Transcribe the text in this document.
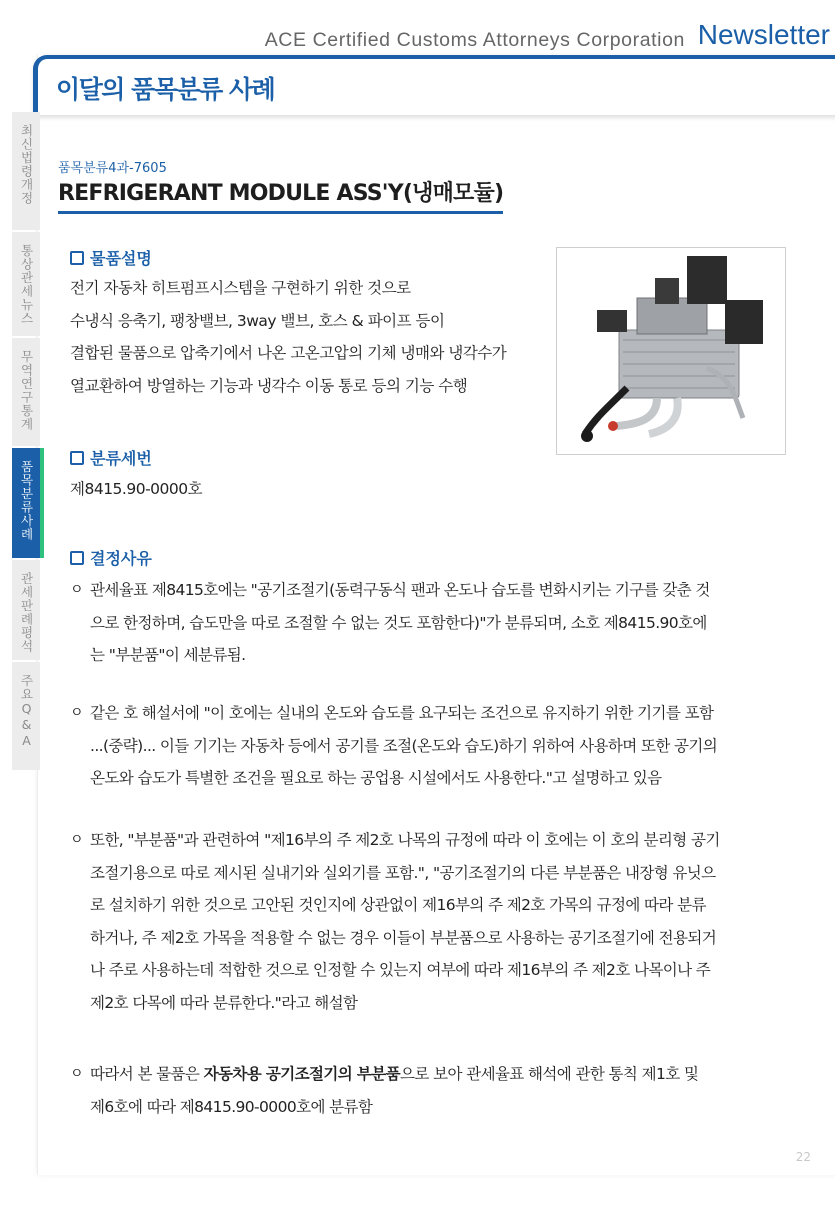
ACE Certified Customs Attorneys Corporation Newsletter
이달의 품목분류 사례
최신법령개정
통상관세뉴스
무역연구통계
품목분류사례
관세판례평석
주요Q&A
품목분류4과-7605
REFRIGERANT MODULE ASS'Y(냉매모듈)
물품설명
전기 자동차 히트펌프시스템을 구현하기 위한 것으로
수냉식 응축기, 팽창밸브, 3way 밸브, 호스 & 파이프 등이
결합된 물품으로 압축기에서 나온 고온고압의 기체 냉매와 냉각수가
열교환하여 방열하는 기능과 냉각수 이동 통로 등의 기능 수행
분류세번
제8415.90-0000호
결정사유
ㅇ 관세율표 제8415호에는 "공기조절기(동력구동식 팬과 온도나 습도를 변화시키는 기구를 갖춘 것
으로 한정하며, 습도만을 따로 조절할 수 없는 것도 포함한다)"가 분류되며, 소호 제8415.90호에
는 "부분품"이 세분류됨.
ㅇ 같은 호 해설서에 "이 호에는 실내의 온도와 습도를 요구되는 조건으로 유지하기 위한 기기를 포함
...(중략)... 이들 기기는 자동차 등에서 공기를 조절(온도와 습도)하기 위하여 사용하며 또한 공기의
온도와 습도가 특별한 조건을 필요로 하는 공업용 시설에서도 사용한다."고 설명하고 있음
ㅇ 또한, "부분품"과 관련하여 "제16부의 주 제2호 나목의 규정에 따라 이 호에는 이 호의 분리형 공기
조절기용으로 따로 제시된 실내기와 실외기를 포함.", "공기조절기의 다른 부분품은 내장형 유닛으
로 설치하기 위한 것으로 고안된 것인지에 상관없이 제16부의 주 제2호 가목의 규정에 따라 분류
하거나, 주 제2호 가목을 적용할 수 없는 경우 이들이 부분품으로 사용하는 공기조절기에 전용되거
나 주로 사용하는데 적합한 것으로 인정할 수 있는지 여부에 따라 제16부의 주 제2호 나목이나 주
제2호 다목에 따라 분류한다."라고 해설함
ㅇ 따라서 본 물품은 자동차용 공기조절기의 부분품으로 보아 관세율표 해석에 관한 통칙 제1호 및
제6호에 따라 제8415.90-0000호에 분류함
22
